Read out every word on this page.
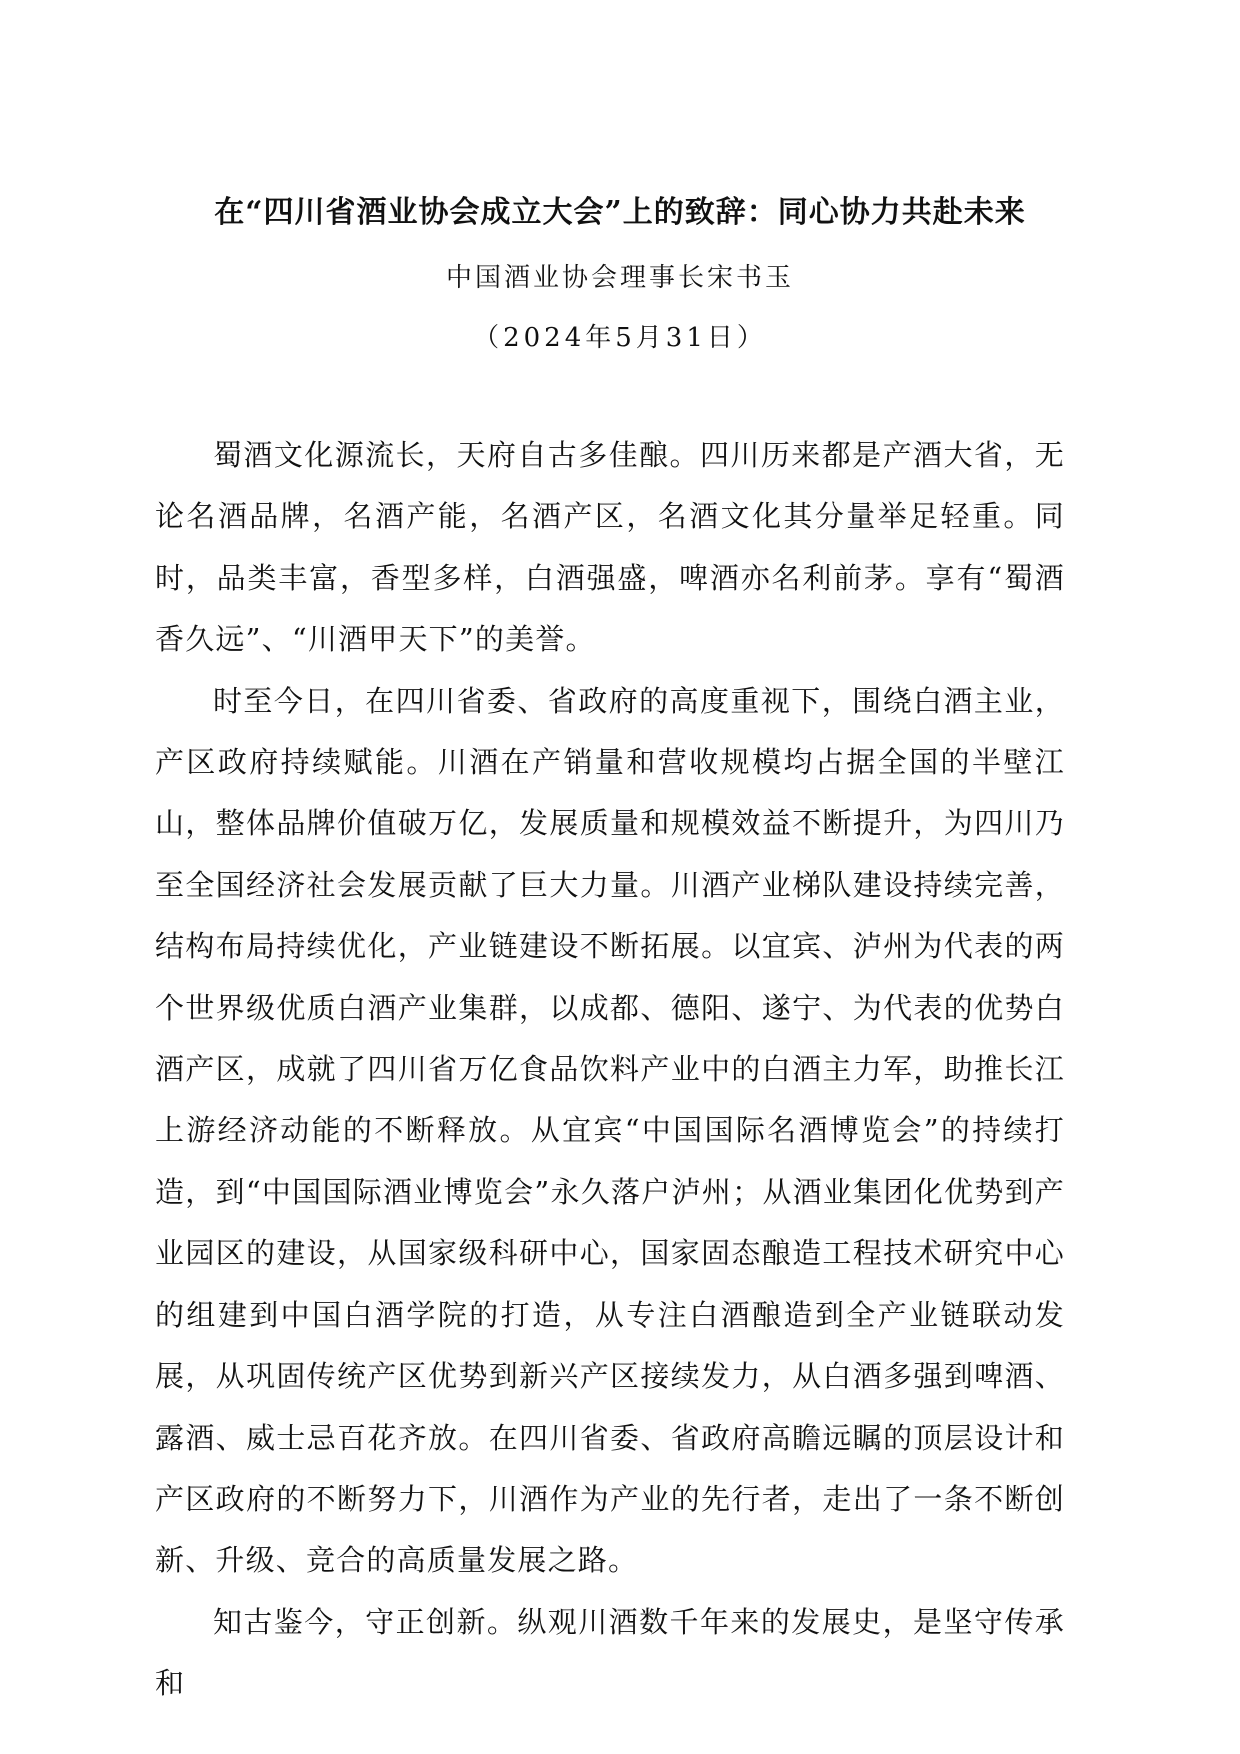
在“四川省酒业协会成立大会”上的致辞：同心协力共赴未来
中国酒业协会理事长宋书玉
（2024年5月31日）

蜀酒文化源流长，天府自古多佳酿。四川历来都是产酒大省，无论名酒品牌，名酒产能，名酒产区，名酒文化其分量举足轻重。同时，品类丰富，香型多样，白酒强盛，啤酒亦名利前茅。享有“蜀酒香久远”、“川酒甲天下”的美誉。

时至今日，在四川省委、省政府的高度重视下，围绕白酒主业，产区政府持续赋能。川酒在产销量和营收规模均占据全国的半壁江山，整体品牌价值破万亿，发展质量和规模效益不断提升，为四川乃至全国经济社会发展贡献了巨大力量。川酒产业梯队建设持续完善，结构布局持续优化，产业链建设不断拓展。以宜宾、泸州为代表的两个世界级优质白酒产业集群，以成都、德阳、遂宁、为代表的优势白酒产区，成就了四川省万亿食品饮料产业中的白酒主力军，助推长江上游经济动能的不断释放。从宜宾“中国国际名酒博览会”的持续打造，到“中国国际酒业博览会”永久落户泸州；从酒业集团化优势到产业园区的建设，从国家级科研中心，国家固态酿造工程技术研究中心的组建到中国白酒学院的打造，从专注白酒酿造到全产业链联动发展，从巩固传统产区优势到新兴产区接续发力，从白酒多强到啤酒、露酒、威士忌百花齐放。在四川省委、省政府高瞻远瞩的顶层设计和产区政府的不断努力下，川酒作为产业的先行者，走出了一条不断创新、升级、竞合的高质量发展之路。

知古鉴今，守正创新。纵观川酒数千年来的发展史，是坚守传承和
